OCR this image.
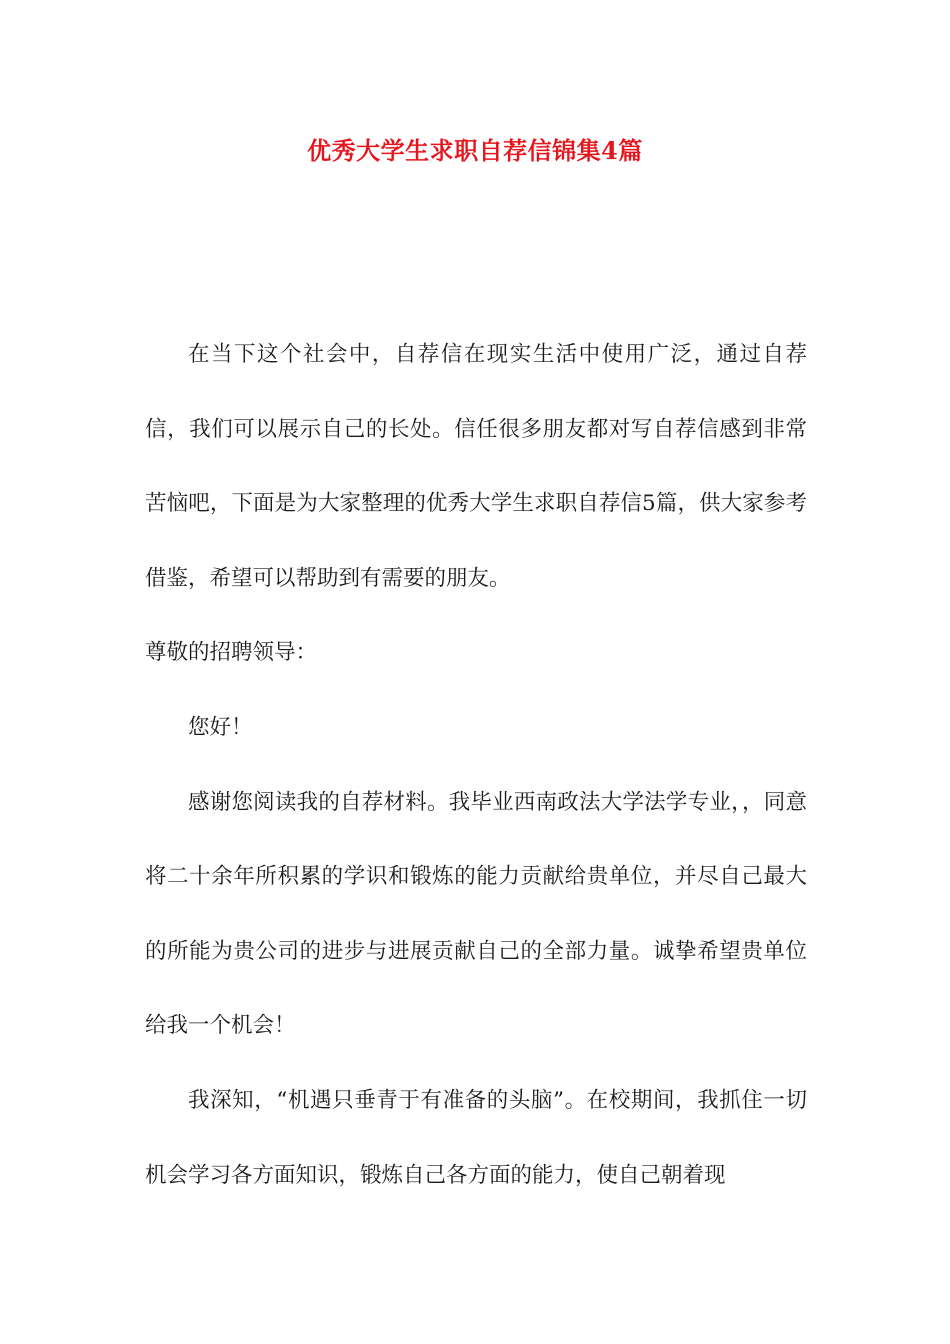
优秀大学生求职自荐信锦集4篇

在当下这个社会中，自荐信在现实生活中使用广泛，通过自荐信，我们可以展示自己的长处。信任很多朋友都对写自荐信感到非常苦恼吧，下面是为大家整理的优秀大学生求职自荐信5篇，供大家参考借鉴，希望可以帮助到有需要的朋友。

尊敬的招聘领导：

您好！

感谢您阅读我的自荐材料。我毕业西南政法大学法学专业，，同意将二十余年所积累的学识和锻炼的能力贡献给贵单位，并尽自己最大的所能为贵公司的进步与进展贡献自己的全部力量。诚挚希望贵单位给我一个机会！

我深知，“机遇只垂青于有准备的头脑”。在校期间，我抓住一切机会学习各方面知识，锻炼自己各方面的能力，使自己朝着现
